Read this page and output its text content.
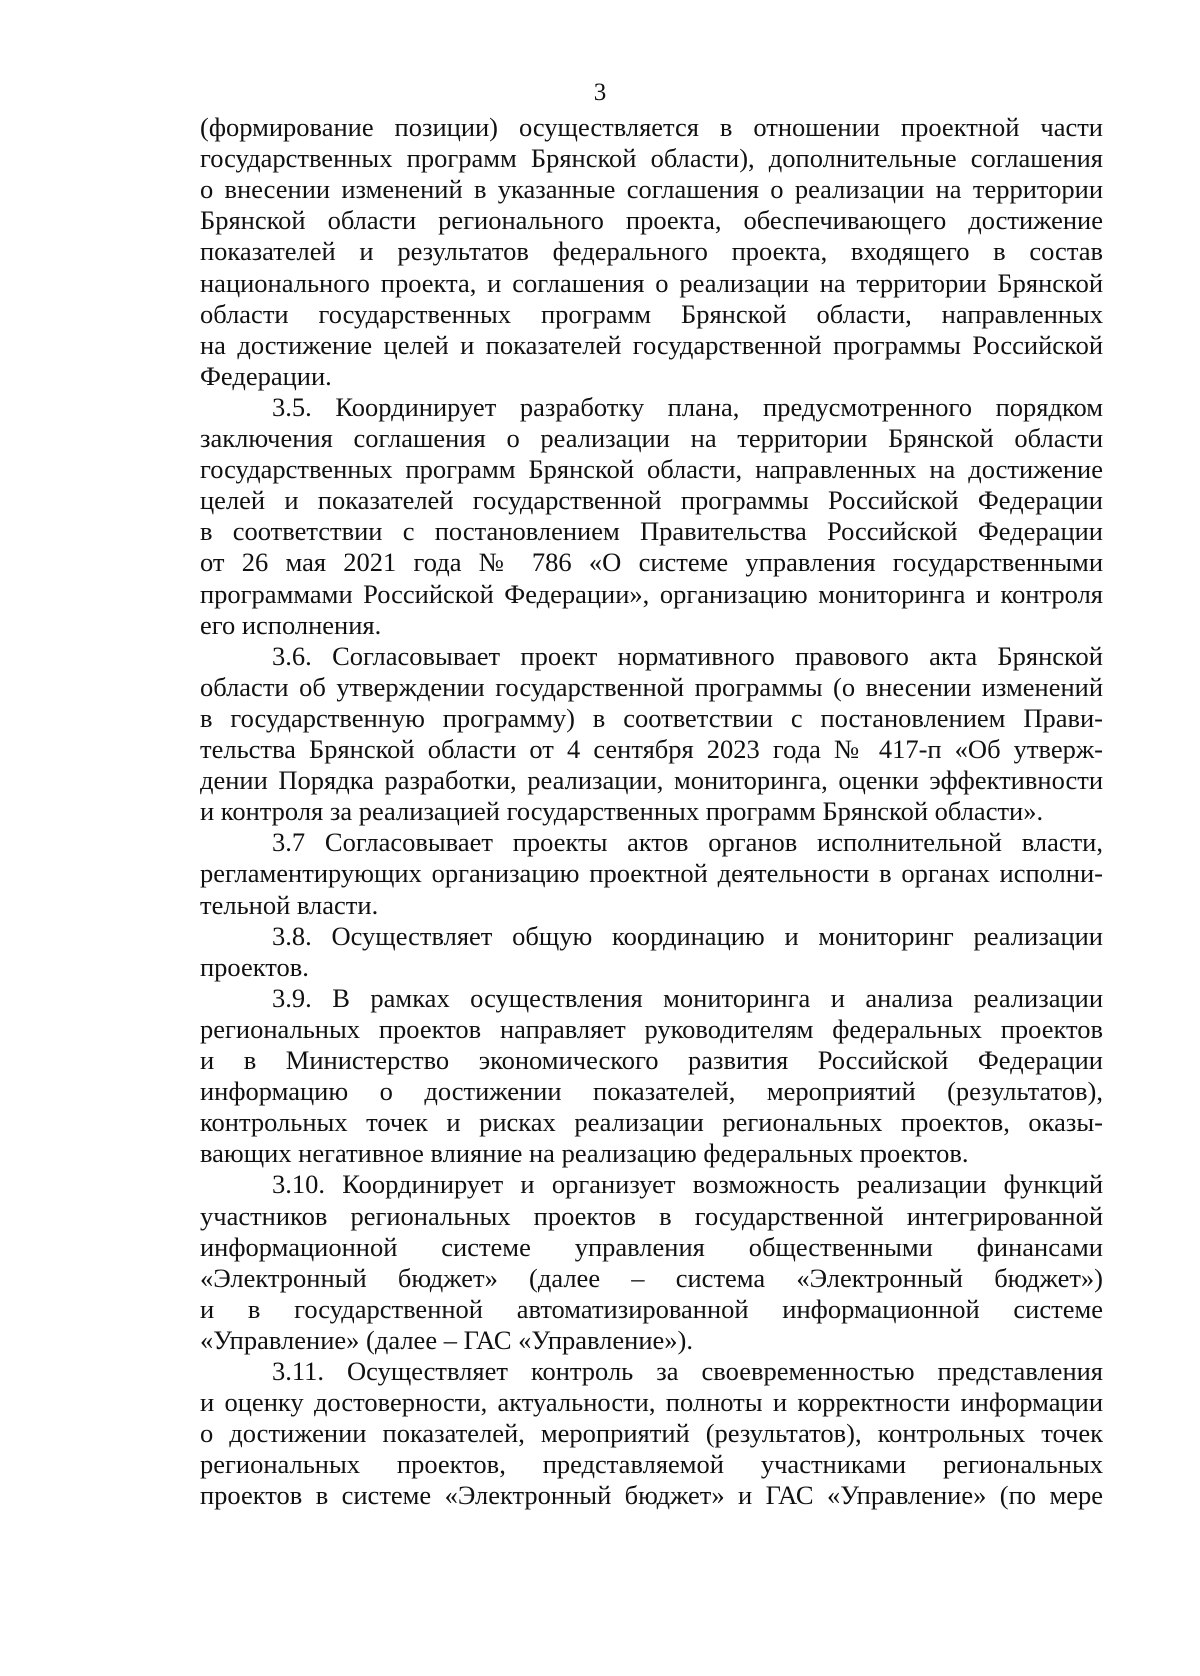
3
(формирование позиции) осуществляется в отношении проектной части
государственных программ Брянской области), дополнительные соглашения
о внесении изменений в указанные соглашения о реализации на территории
Брянской области регионального проекта, обеспечивающего достижение
показателей и результатов федерального проекта, входящего в состав
национального проекта, и соглашения о реализации на территории Брянской
области государственных программ Брянской области, направленных
на достижение целей и показателей государственной программы Российской
Федерации.
3.5. Координирует разработку плана, предусмотренного порядком
заключения соглашения о реализации на территории Брянской области
государственных программ Брянской области, направленных на достижение
целей и показателей государственной программы Российской Федерации
в соответствии с постановлением Правительства Российской Федерации
от 26 мая 2021 года № 786 «О системе управления государственными
программами Российской Федерации», организацию мониторинга и контроля
его исполнения.
3.6. Согласовывает проект нормативного правового акта Брянской
области об утверждении государственной программы (о внесении изменений
в государственную программу) в соответствии с постановлением Прави-
тельства Брянской области от 4 сентября 2023 года № 417-п «Об утверж-
дении Порядка разработки, реализации, мониторинга, оценки эффективности
и контроля за реализацией государственных программ Брянской области».
3.7 Согласовывает проекты актов органов исполнительной власти,
регламентирующих организацию проектной деятельности в органах исполни-
тельной власти.
3.8. Осуществляет общую координацию и мониторинг реализации
проектов.
3.9. В рамках осуществления мониторинга и анализа реализации
региональных проектов направляет руководителям федеральных проектов
и в Министерство экономического развития Российской Федерации
информацию о достижении показателей, мероприятий (результатов),
контрольных точек и рисках реализации региональных проектов, оказы-
вающих негативное влияние на реализацию федеральных проектов.
3.10. Координирует и организует возможность реализации функций
участников региональных проектов в государственной интегрированной
информационной системе управления общественными финансами
«Электронный бюджет» (далее – система «Электронный бюджет»)
и в государственной автоматизированной информационной системе
«Управление» (далее – ГАС «Управление»).
3.11. Осуществляет контроль за своевременностью представления
и оценку достоверности, актуальности, полноты и корректности информации
о достижении показателей, мероприятий (результатов), контрольных точек
региональных проектов, представляемой участниками региональных
проектов в системе «Электронный бюджет» и ГАС «Управление» (по мере
